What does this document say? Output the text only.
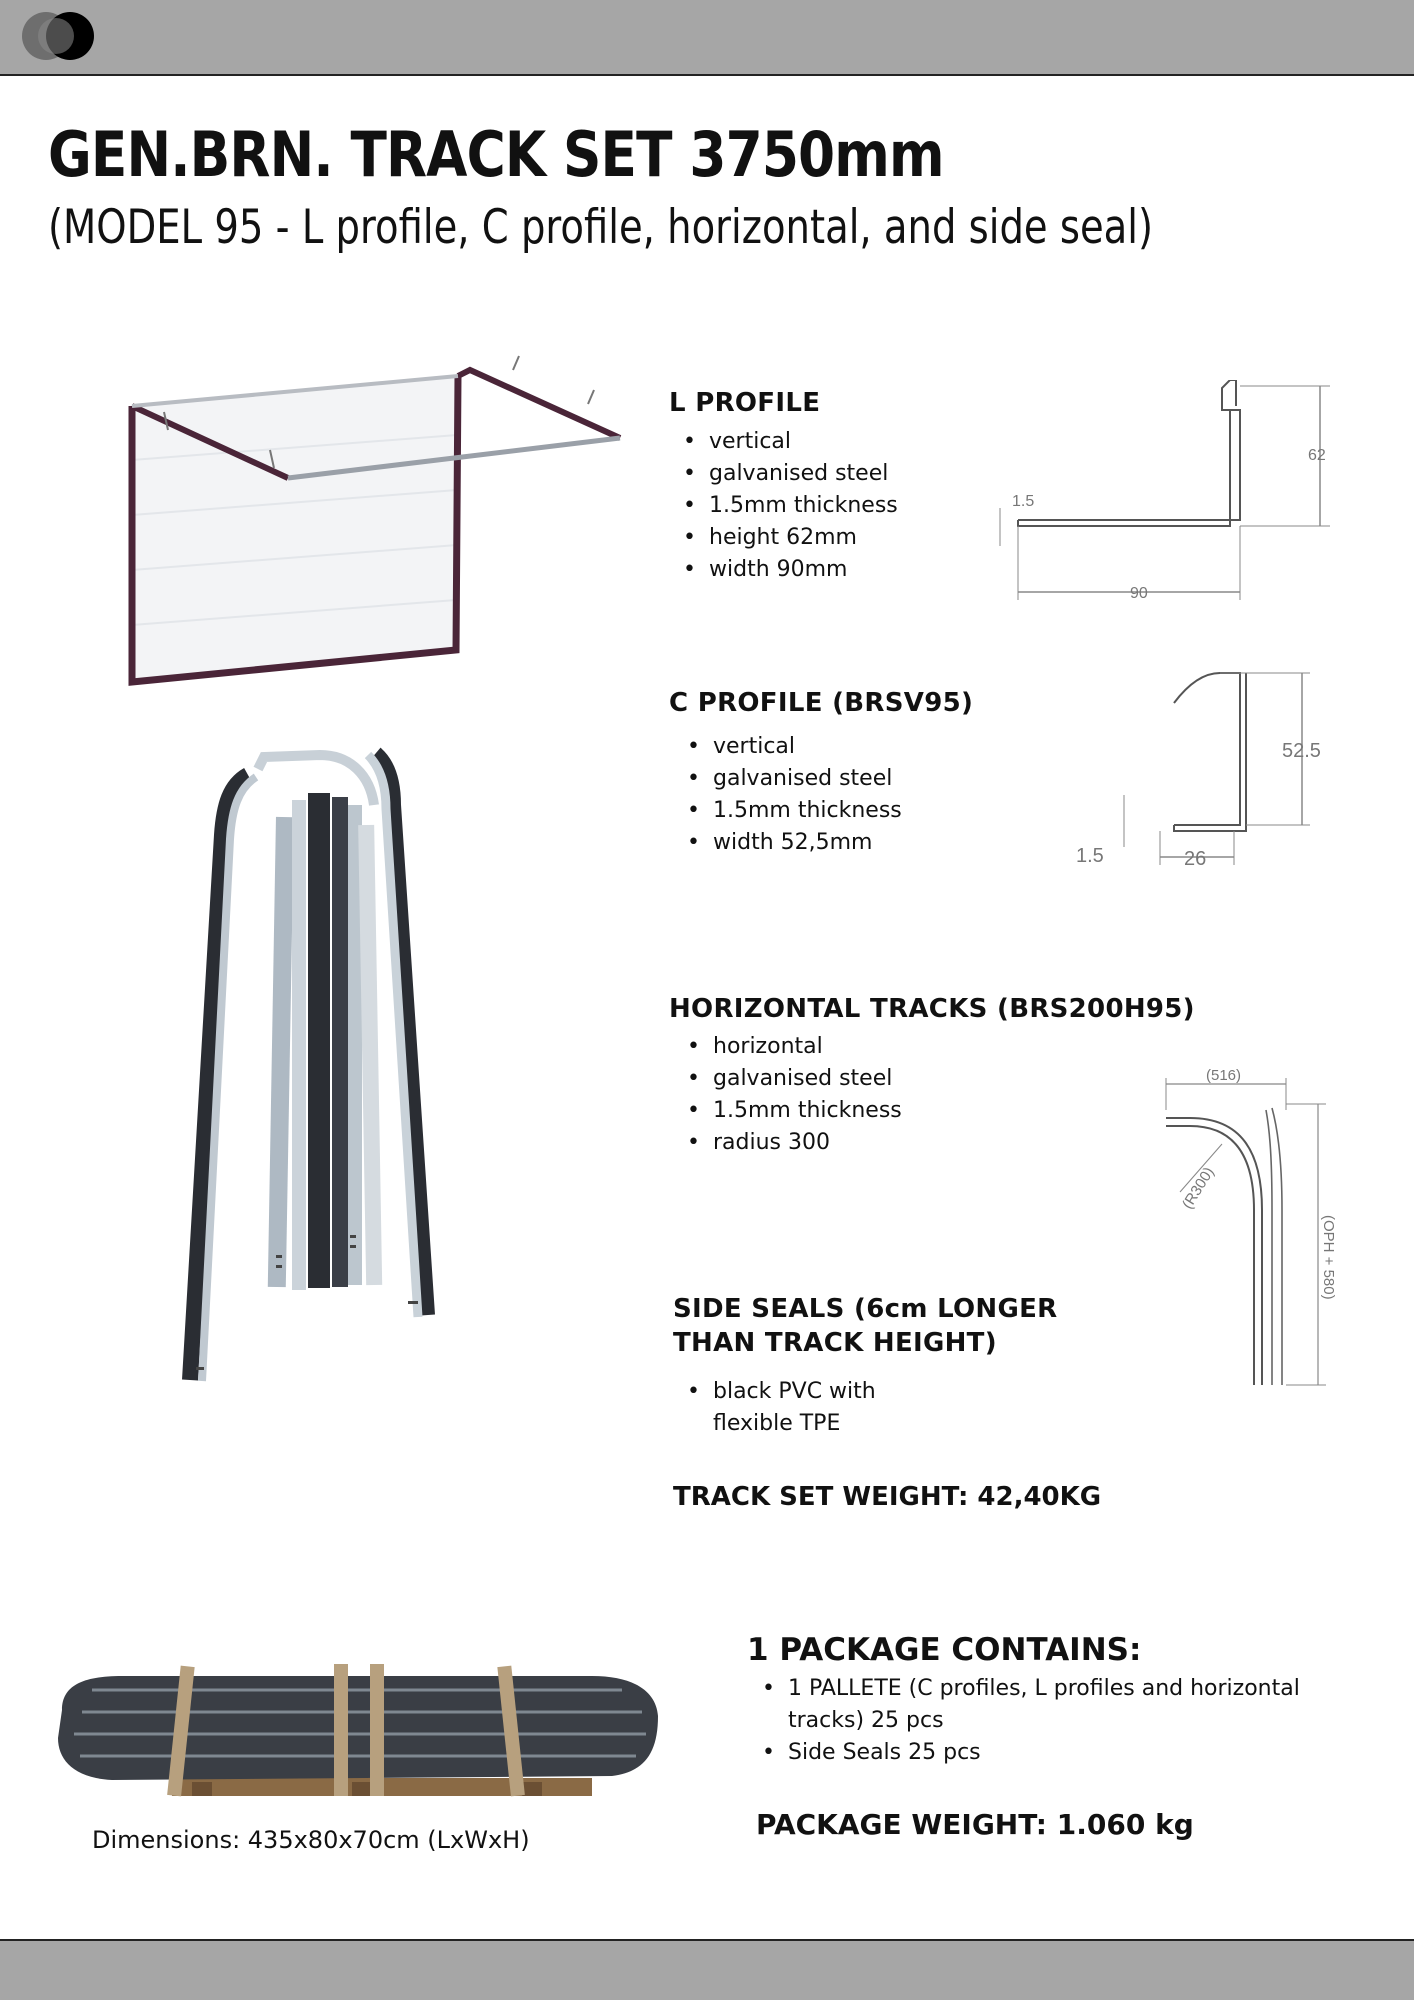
GEN.BRN. TRACK SET 3750mm
(MODEL 95 - L profile, C profile, horizontal, and side seal)
L PROFILE
• vertical
• galvanised steel
• 1.5mm thickness
• height 62mm
• width 90mm
62
1.5
90
C PROFILE (BRSV95)
• vertical
• galvanised steel
• 1.5mm thickness
• width 52,5mm
52.5
1.5	26
HORIZONTAL TRACKS (BRS200H95)
• horizontal
• galvanised steel
• 1.5mm thickness
• radius 300
(516)
(R300)
(OPH + 580)
SIDE SEALS (6cm LONGER
THAN TRACK HEIGHT)
• black PVC with flexible TPE
TRACK SET WEIGHT: 42,40KG
Dimensions: 435x80x70cm (LxWxH)
1 PACKAGE CONTAINS:
• 1 PALLETE (C profiles, L profiles and horizontal tracks) 25 pcs
• Side Seals 25 pcs
PACKAGE WEIGHT: 1.060 kg
